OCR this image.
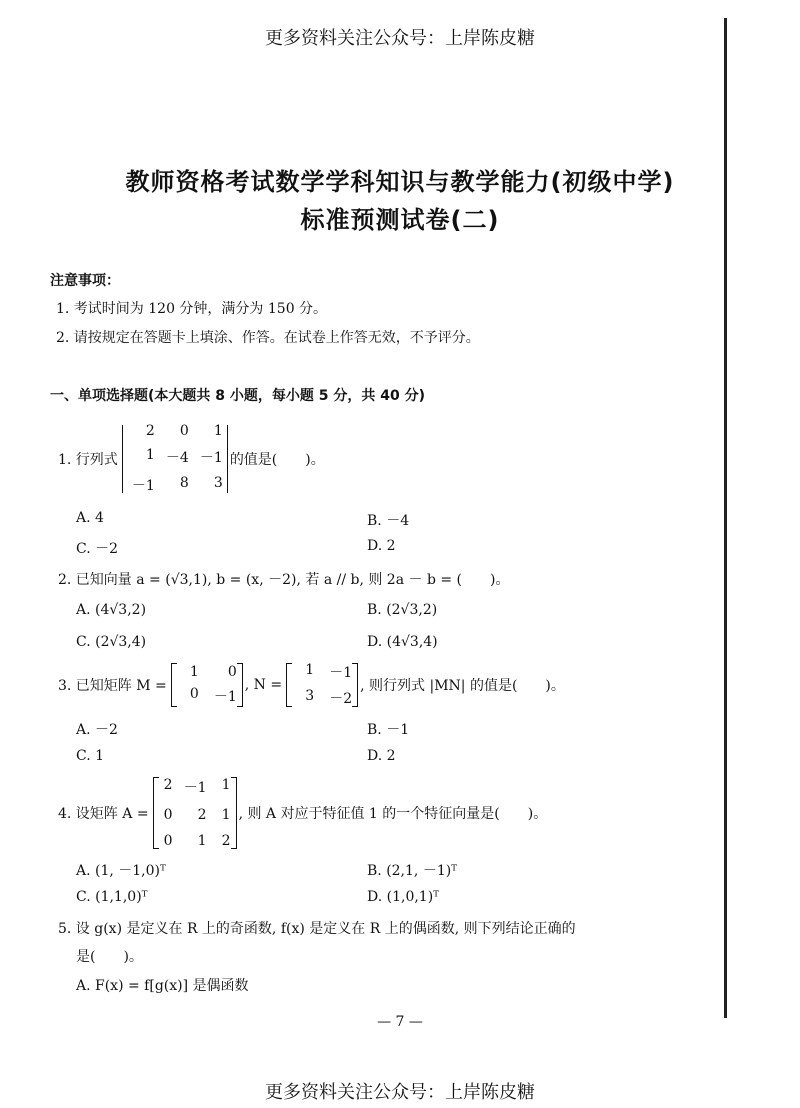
更多资料关注公众号：上岸陈皮糖
教师资格考试数学学科知识与教学能力(初级中学)
标准预测试卷(二)
注意事项：
1. 考试时间为 120 分钟，满分为 150 分。
2. 请按规定在答题卡上填涂、作答。在试卷上作答无效，不予评分。
一、单项选择题(本大题共 8 小题，每小题 5 分，共 40 分)
1. 行列式
2	0	1
1 －4 －1
－1	8	3
的值是(　　)。
A. 4	B. －4
C. －2	D. 2
2. 已知向量 a = (√3,1), b = (x, －2), 若 a // b, 则 2a － b = (　　)。
A. (4√3,2)	B. (2√3,2)
C. (2√3,4)	D. (4√3,4)
3. 已知矩阵 M =
1	0
0	－1
, N =
1	－1
3	－2
, 则行列式 |MN| 的值是(　　)。
A. －2	B. －1
C. 1	D. 2
4. 设矩阵 A =
2 －1	1
0	2	1
0	1	2
, 则 A 对应于特征值 1 的一个特征向量是(　　)。
A. (1, －1,0)ᵀ	B. (2,1, －1)ᵀ
C. (1,1,0)ᵀ	D. (1,0,1)ᵀ
5. 设 g(x) 是定义在 R 上的奇函数, f(x) 是定义在 R 上的偶函数, 则下列结论正确的
是(　　)。
A. F(x) = f[g(x)] 是偶函数
— 7 —
更多资料关注公众号：上岸陈皮糖
